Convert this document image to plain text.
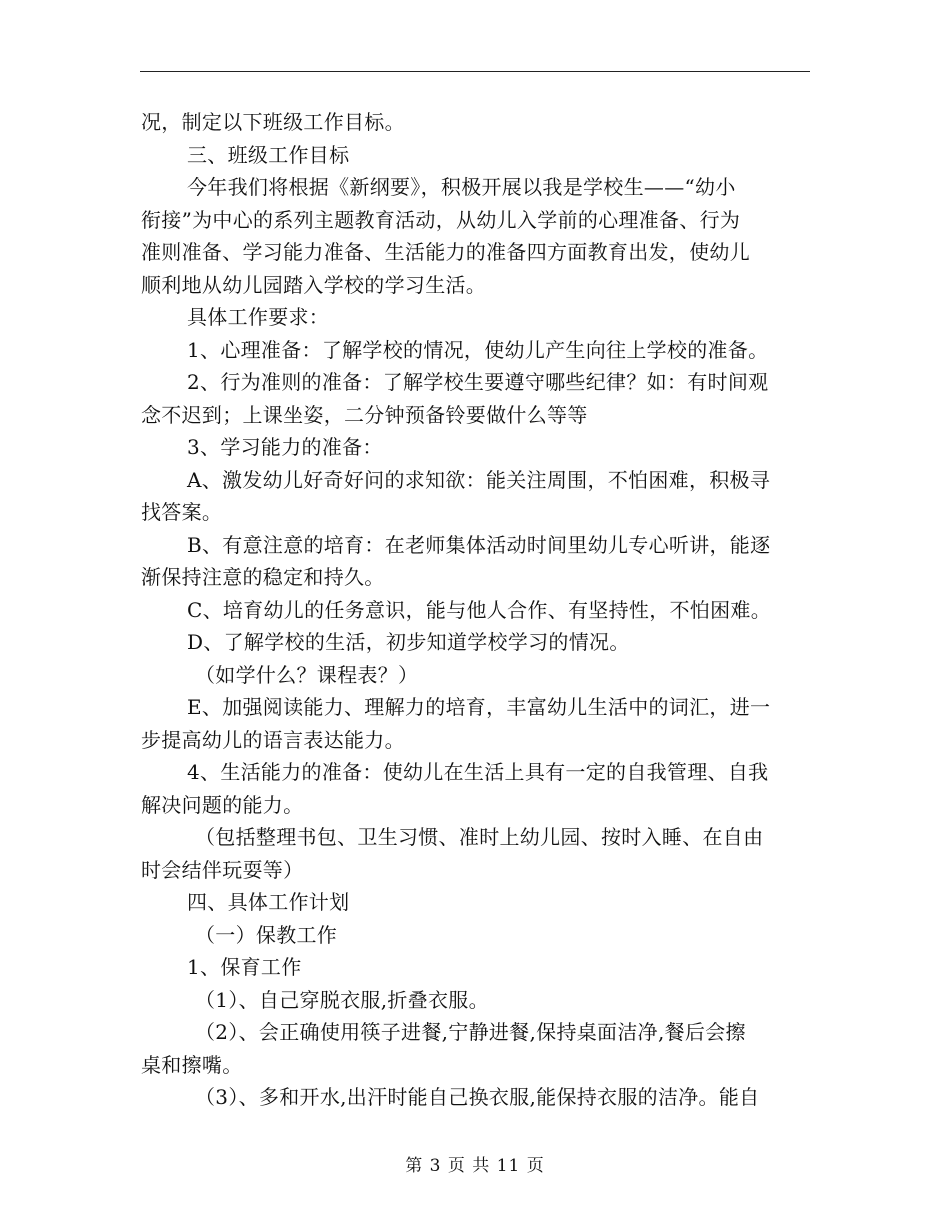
况，制定以下班级工作目标。
三、班级工作目标
今年我们将根据《新纲要》，积极开展以我是学校生——“幼小
衔接”为中心的系列主题教育活动，从幼儿入学前的心理准备、行为
准则准备、学习能力准备、生活能力的准备四方面教育出发，使幼儿
顺利地从幼儿园踏入学校的学习生活。
具体工作要求：
1、心理准备：了解学校的情况，使幼儿产生向往上学校的准备。
2、行为准则的准备：了解学校生要遵守哪些纪律？如：有时间观
念不迟到；上课坐姿，二分钟预备铃要做什么等等
3、学习能力的准备：
A、激发幼儿好奇好问的求知欲：能关注周围，不怕困难，积极寻
找答案。
B、有意注意的培育：在老师集体活动时间里幼儿专心听讲，能逐
渐保持注意的稳定和持久。
C、培育幼儿的任务意识，能与他人合作、有坚持性，不怕困难。
D、了解学校的生活，初步知道学校学习的情况。
（如学什么？课程表？）
E、加强阅读能力、理解力的培育，丰富幼儿生活中的词汇，进一
步提高幼儿的语言表达能力。
4、生活能力的准备：使幼儿在生活上具有一定的自我管理、自我
解决问题的能力。
（包括整理书包、卫生习惯、准时上幼儿园、按时入睡、在自由
时会结伴玩耍等）
四、具体工作计划
（一）保教工作
1、保育工作
（1）、自己穿脱衣服,折叠衣服。
（2）、会正确使用筷子进餐,宁静进餐,保持桌面洁净,餐后会擦
桌和擦嘴。
（3）、多和开水,出汗时能自己换衣服,能保持衣服的洁净。能自
第 3 页 共 11 页
